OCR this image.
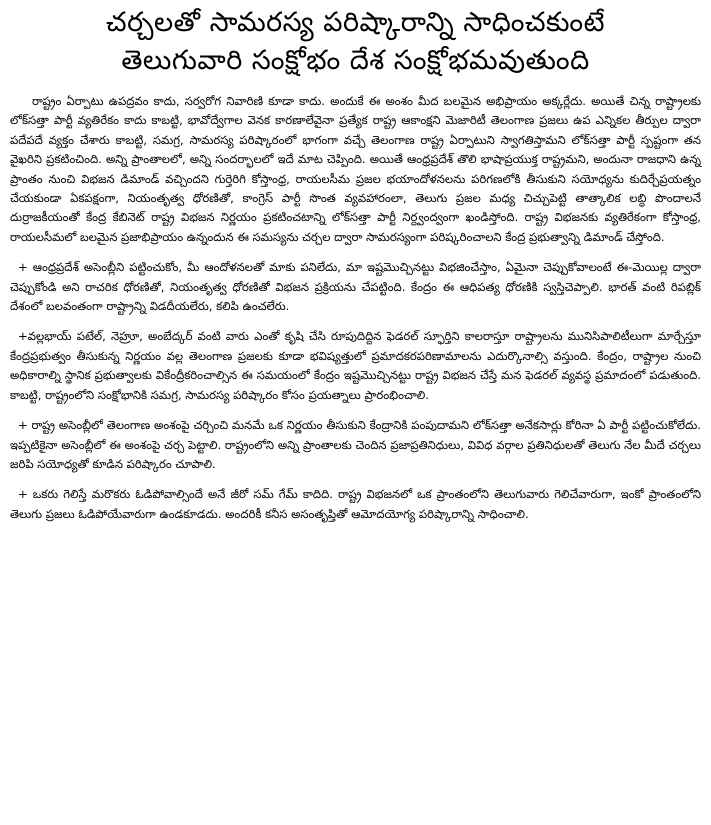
చర్చలతో సామరస్య పరిష్కారాన్ని సాధించకుంటే
తెలుగువారి సంక్షోభం దేశ సంక్షోభమవుతుంది

రాష్ట్రం ఏర్పాటు ఉపద్రవం కాదు, సర్వరోగ నివారిణి కూడా కాదు. అందుకే ఈ అంశం మీద బలమైన అభిప్రాయం అక్కర్లేదు. అయితే చిన్న రాష్ట్రాలకు లోక్‌సత్తా పార్టీ వ్యతిరేకం కాదు కాబట్టి, భావోద్వేగాల వెనక కారణాలేవైనా ప్రత్యేక రాష్ట్ర ఆకాంక్షని మెజారిటీ తెలంగాణ ప్రజలు ఉప ఎన్నికల తీర్పుల ద్వారా పదేపదే వ్యక్తం చేశారు కాబట్టి, సమగ్ర, సామరస్య పరిష్కారంలో భాగంగా వచ్చే తెలంగాణ రాష్ట్ర ఏర్పాటుని స్వాగతిస్తామని లోక్‌సత్తా పార్టీ స్పష్టంగా తన వైఖరిని ప్రకటించింది. అన్ని ప్రాంతాలలో, అన్ని సందర్భాలలో ఇదే మాట చెప్పింది. అయితే ఆంధ్రప్రదేశ్ తొలి భాషాప్రయుక్త రాష్ట్రమని, అందునా రాజధాని ఉన్న ప్రాంతం నుంచి విభజన డిమాండ్ వచ్చిందని గుర్తెరిగి కోస్తాంధ్ర, రాయలసీమ ప్రజల భయాందోళనలను పరిగణలోకి తీసుకుని సయోధ్యను కుదిర్చేప్రయత్నం చేయకుండా ఏకపక్షంగా, నియంతృత్వ ధోరణితో, కాంగ్రెస్ పార్టీ సొంత వ్యవహారంలా, తెలుగు ప్రజల మధ్య చిచ్చుపెట్టి తాత్కాలిక లబ్ధి పొందాలనే దుర్రాజకీయంతో కేంద్ర కేబినెట్ రాష్ట్ర విభజన నిర్ణయం ప్రకటించటాన్ని లోక్‌సత్తా పార్టీ నిర్ద్వంద్వంగా ఖండిస్తోంది. రాష్ట్ర విభజనకు వ్యతిరేకంగా కోస్తాంధ్ర, రాయలసీమలో బలమైన ప్రజాభిప్రాయం ఉన్నందున ఈ సమస్యను చర్చల ద్వారా సామరస్యంగా పరిష్కరించాలని కేంద్ర ప్రభుత్వాన్ని డిమాండ్ చేస్తోంది.

+ ఆంధ్రప్రదేశ్ అసెంబ్లీని పట్టించుకోం, మీ ఆందోళనలతో మాకు పనిలేదు, మా ఇష్టమొచ్చినట్టు విభజించేస్తాం, ఏమైనా చెప్పుకోవాలంటే ఈ-మెయిల్ల ద్వారా చెప్పుకోండి అని రాచరిక ధోరణితో, నియంతృత్వ ధోరణితో విభజన ప్రక్రియను చేపట్టింది. కేంద్రం ఈ ఆధిపత్య ధోరణికి స్వస్తిచెప్పాలి. భారత్ వంటి రిపబ్లిక్ దేశంలో బలవంతంగా రాష్ట్రాన్ని విడదీయలేరు, కలిపి ఉంచలేరు.

+వల్లభాయ్ పటేల్, నెహ్రూ, అంబేద్కర్ వంటి వారు ఎంతో కృషి చేసి రూపుదిద్దిన ఫెడరల్ స్ఫూర్తిని కాలరాస్తూ రాష్ట్రాలను మునిసిపాలిటీలుగా మార్చేస్తూ కేంద్రప్రభుత్వం తీసుకున్న నిర్ణయం వల్ల తెలంగాణ ప్రజలకు కూడా భవిష్యత్తులో ప్రమాదకరపరిణామాలను ఎదుర్కొనాల్సి వస్తుంది. కేంద్రం, రాష్ట్రాల నుంచి అధికారాల్ని స్థానిక ప్రభుత్వాలకు వికేంద్రీకరించాల్సిన ఈ సమయంలో కేంద్రం ఇష్టమొచ్చినట్టు రాష్ట్ర విభజన చేస్తే మన ఫెడరల్ వ్యవస్థ ప్రమాదంలో పడుతుంది. కాబట్టి, రాష్ట్రంలోని సంక్షోభానికి సమగ్ర, సామరస్య పరిష్కారం కోసం ప్రయత్నాలు ప్రారంభించాలి.

+ రాష్ట్ర అసెంబ్లీలో తెలంగాణ అంశంపై చర్చించి మనమే ఒక నిర్ణయం తీసుకుని కేంద్రానికి పంపుదామని లోక్‌సత్తా అనేకసార్లు కోరినా ఏ పార్టీ పట్టించుకోలేదు. ఇప్పటికైనా అసెంబ్లీలో ఈ అంశంపై చర్చ పెట్టాలి. రాష్ట్రంలోని అన్ని ప్రాంతాలకు చెందిన ప్రజాప్రతినిధులు, వివిధ వర్గాల ప్రతినిధులతో తెలుగు నేల మీదే చర్చలు జరిపి సయోధ్యతో కూడిన పరిష్కారం చూపాలి.

+ ఒకరు గెలిస్తే మరొకరు ఓడిపోవాల్సిందే అనే జీరో సమ్ గేమ్ కాదిది. రాష్ట్ర విభజనలో ఒక ప్రాంతంలోని తెలుగువారు గెలిచేవారుగా, ఇంకో ప్రాంతంలోని తెలుగు ప్రజలు ఓడిపోయేవారుగా ఉండకూడదు. అందరికీ కనీస అసంతృప్తితో ఆమోదయోగ్య పరిష్కారాన్ని సాధించాలి.
